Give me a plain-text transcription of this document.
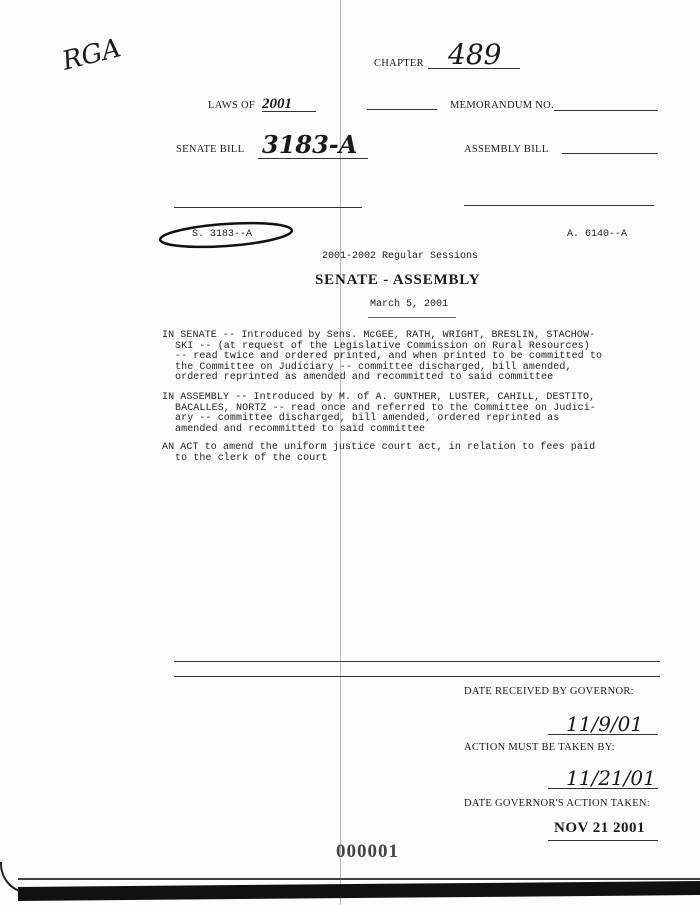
RGA	CHAPTER 489
LAWS OF 2001	MEMORANDUM NO.
SENATE BILL 3183-A	ASSEMBLY BILL
S. 3183--A	A. 6140--A
2001-2002 Regular Sessions
SENATE - ASSEMBLY
March 5, 2001
IN SENATE -- Introduced by Sens. McGEE, RATH, WRIGHT, BRESLIN, STACHOW-
SKI -- (at request of the Legislative Commission on Rural Resources)
-- read twice and ordered printed, and when printed to be committed to
the Committee on Judiciary -- committee discharged, bill amended,
ordered reprinted as amended and recommitted to said committee
IN ASSEMBLY -- Introduced by M. of A. GUNTHER, LUSTER, CAHILL, DESTITO,
BACALLES, NORTZ -- read once and referred to the Committee on Judici-
ary -- committee discharged, bill amended, ordered reprinted as
amended and recommitted to said committee
AN ACT to amend the uniform justice court act, in relation to fees paid
to the clerk of the court
DATE RECEIVED BY GOVERNOR:
11/9/01
ACTION MUST BE TAKEN BY:
11/21/01
DATE GOVERNOR'S ACTION TAKEN:
NOV 21 2001
000001
